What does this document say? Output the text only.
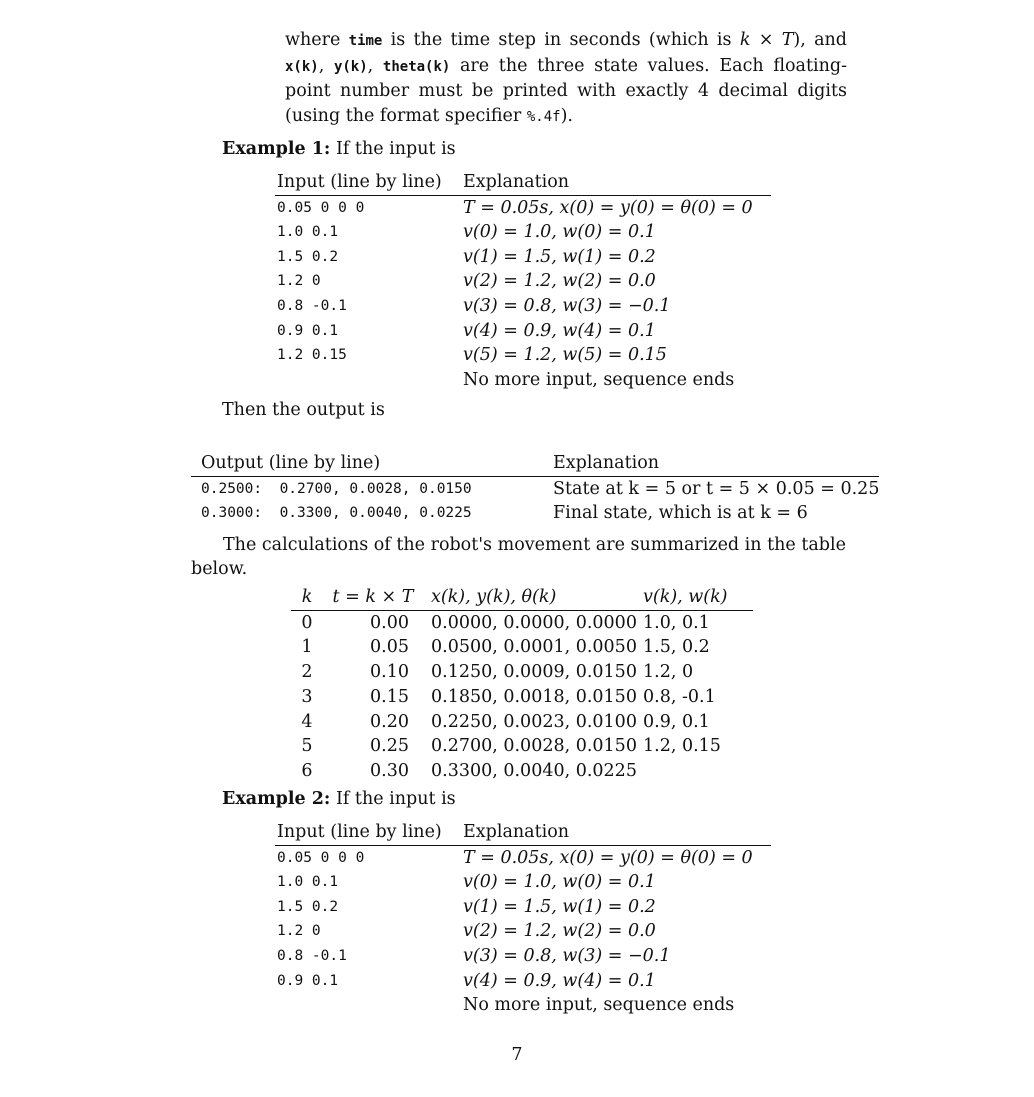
where time is the time step in seconds (which is k × T), and x(k), y(k), theta(k) are the three state values. Each floating-point number must be printed with exactly 4 decimal digits (using the format specifier %.4f).
Example 1: If the input is
Input (line by line)	Explanation
0.05 0 0 0	T = 0.05s, x(0) = y(0) = θ(0) = 0
1.0 0.1	v(0) = 1.0, w(0) = 0.1
1.5 0.2	v(1) = 1.5, w(1) = 0.2
1.2 0	v(2) = 1.2, w(2) = 0.0
0.8 -0.1	v(3) = 0.8, w(3) = −0.1
0.9 0.1	v(4) = 0.9, w(4) = 0.1
1.2 0.15	v(5) = 1.2, w(5) = 0.15
	No more input, sequence ends
Then the output is
Output (line by line)	Explanation
0.2500:  0.2700, 0.0028, 0.0150	State at k = 5 or t = 5 × 0.05 = 0.25
0.3000:  0.3300, 0.0040, 0.0225	Final state, which is at k = 6
The calculations of the robot's movement are summarized in the table below.
k	t = k × T	x(k), y(k), θ(k)	v(k), w(k)
0	0.00	0.0000, 0.0000, 0.0000	1.0, 0.1
1	0.05	0.0500, 0.0001, 0.0050	1.5, 0.2
2	0.10	0.1250, 0.0009, 0.0150	1.2, 0
3	0.15	0.1850, 0.0018, 0.0150	0.8, -0.1
4	0.20	0.2250, 0.0023, 0.0100	0.9, 0.1
5	0.25	0.2700, 0.0028, 0.0150	1.2, 0.15
6	0.30	0.3300, 0.0040, 0.0225	
Example 2: If the input is
Input (line by line)	Explanation
0.05 0 0 0	T = 0.05s, x(0) = y(0) = θ(0) = 0
1.0 0.1	v(0) = 1.0, w(0) = 0.1
1.5 0.2	v(1) = 1.5, w(1) = 0.2
1.2 0	v(2) = 1.2, w(2) = 0.0
0.8 -0.1	v(3) = 0.8, w(3) = −0.1
0.9 0.1	v(4) = 0.9, w(4) = 0.1
	No more input, sequence ends
7
